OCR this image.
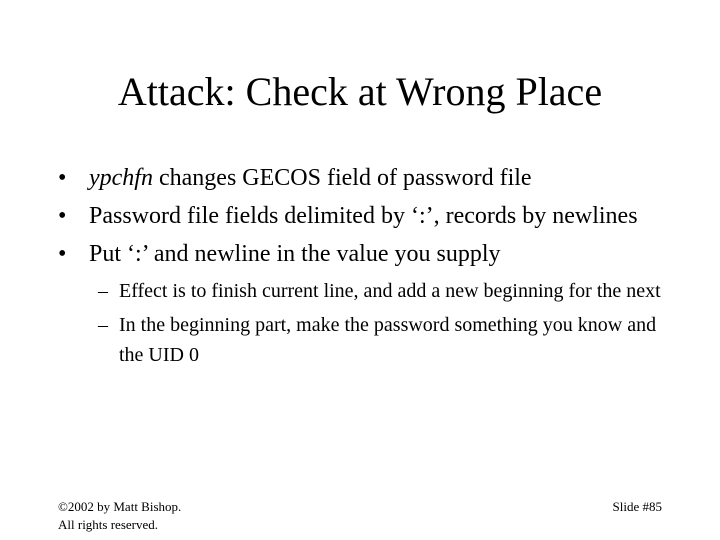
Attack: Check at Wrong Place
• ypchfn changes GECOS field of password file
• Password file fields delimited by ‘:’, records by newlines
• Put ‘:’ and newline in the value you supply
– Effect is to finish current line, and add a new beginning for the next
– In the beginning part, make the password something you know and the UID 0
©2002 by Matt Bishop.
All rights reserved.
Slide #85
